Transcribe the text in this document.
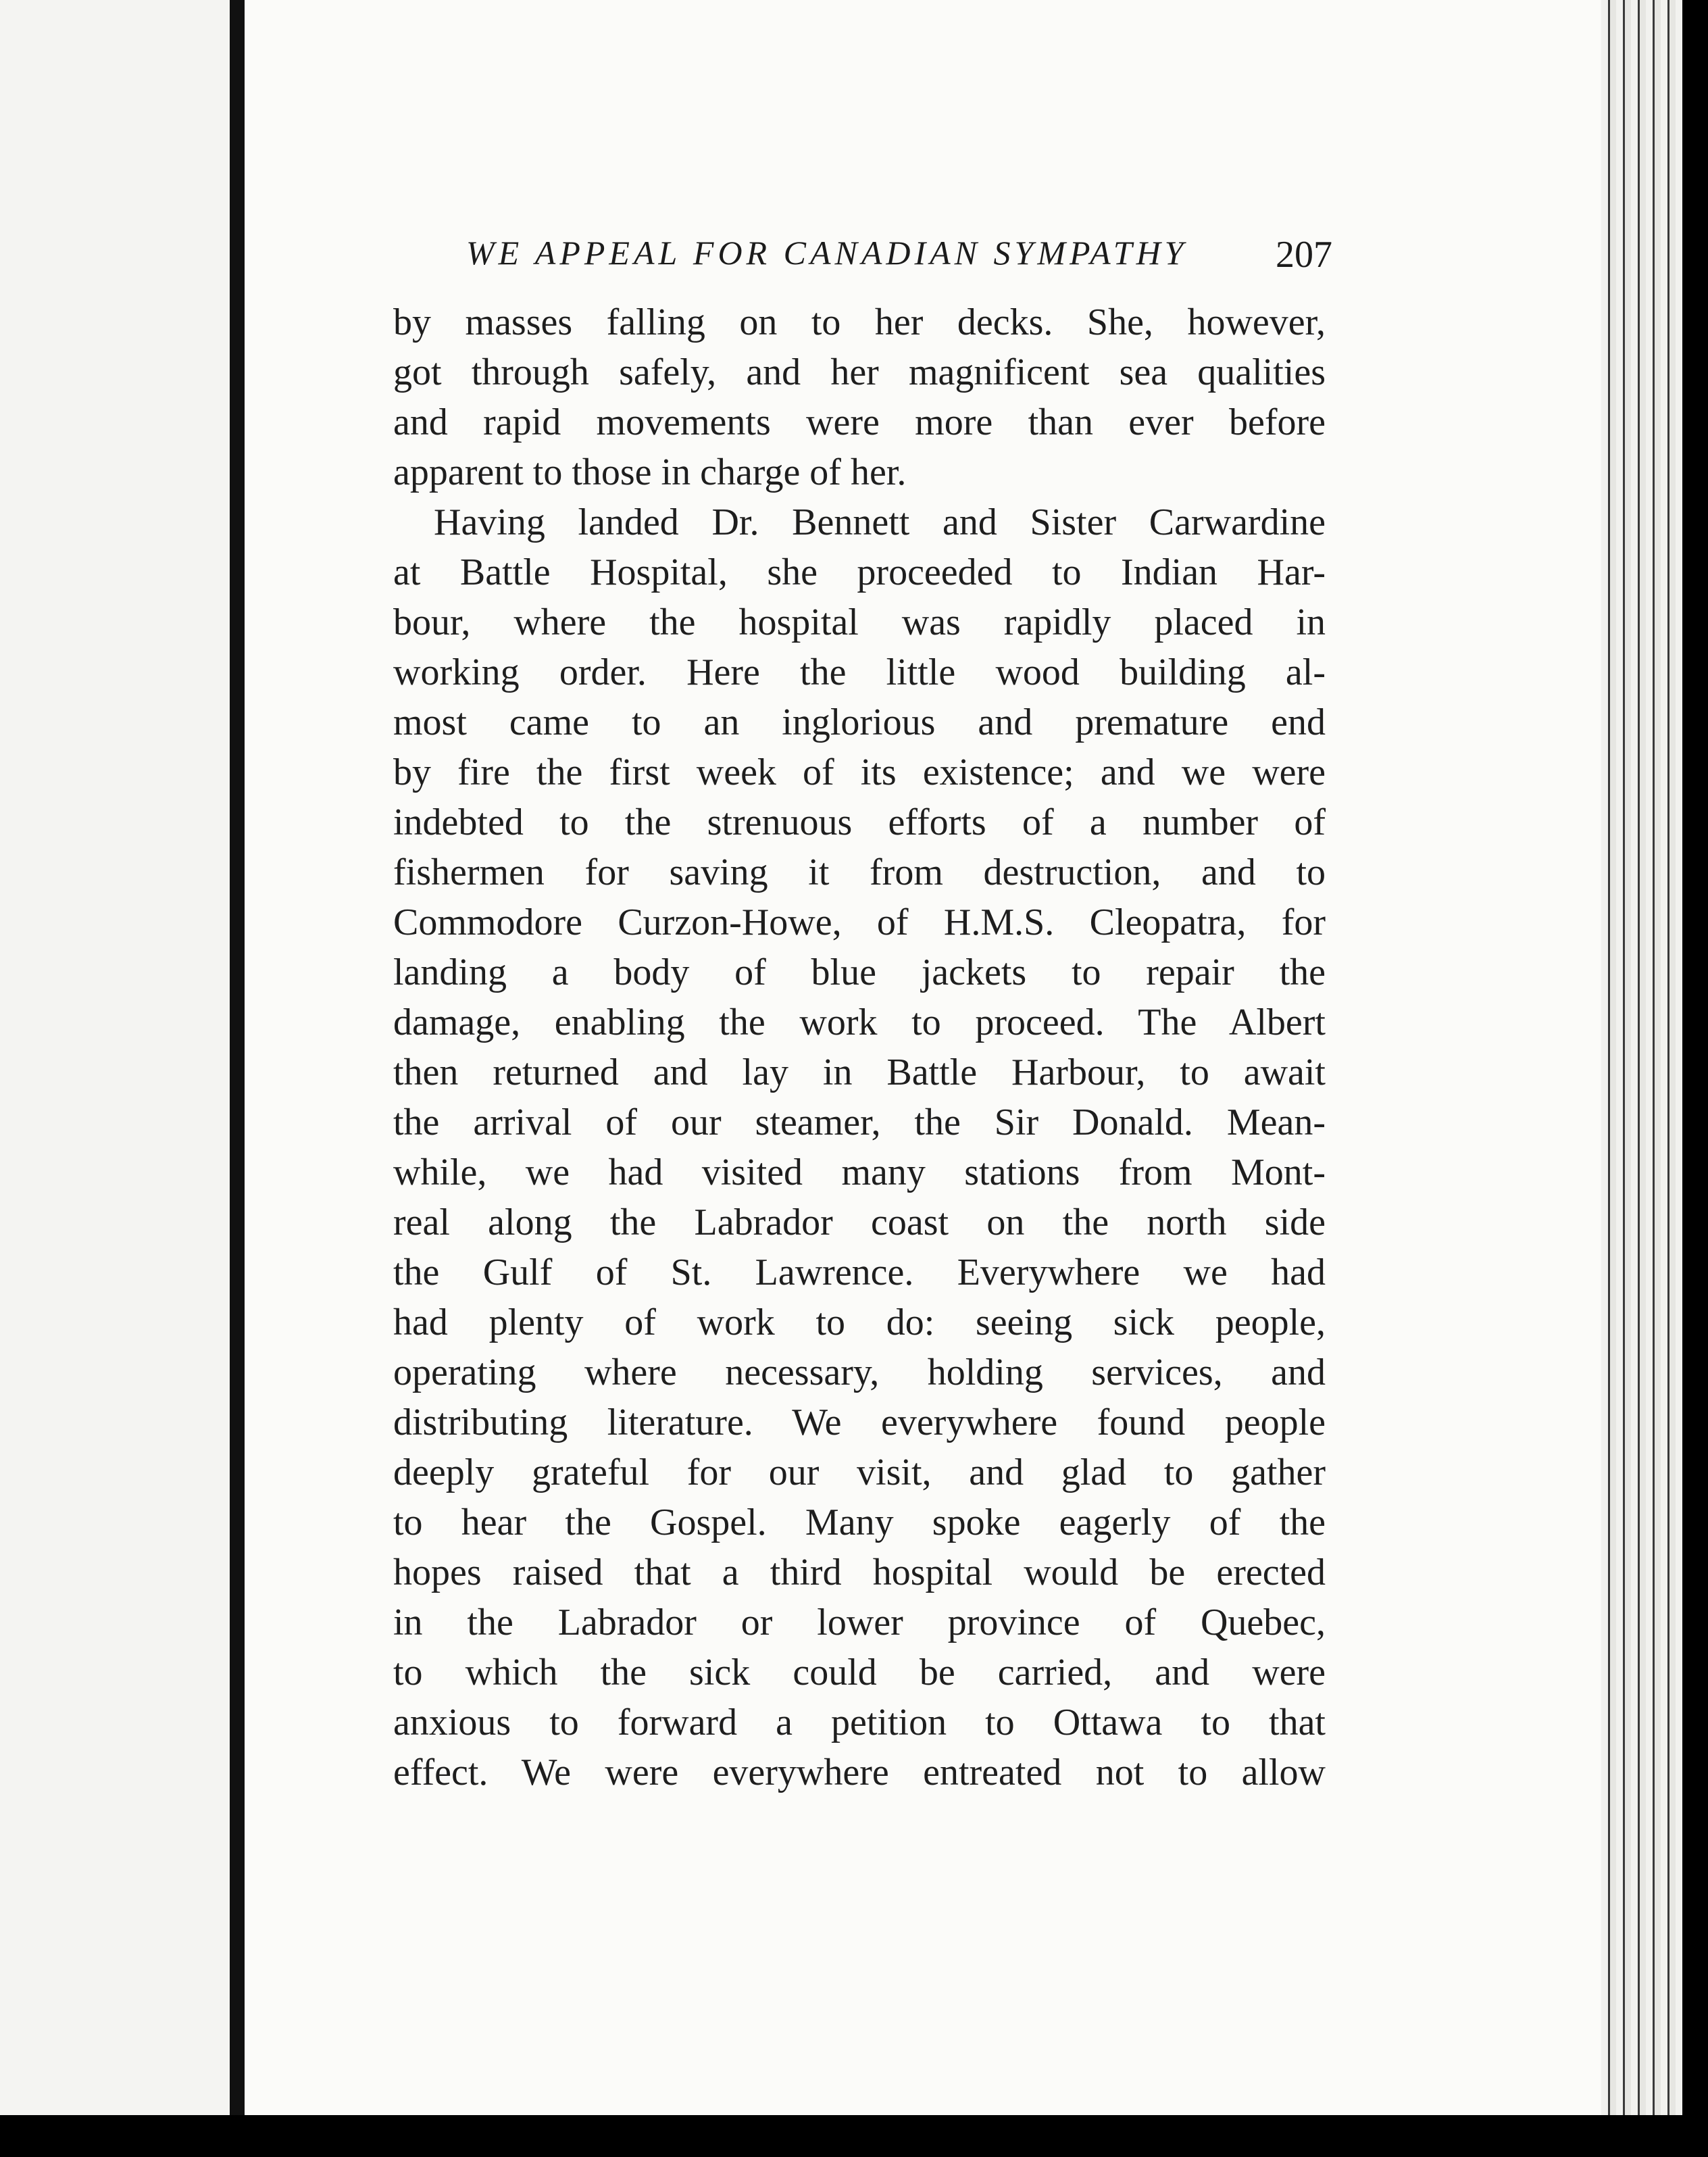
WE APPEAL FOR CANADIAN SYMPATHY	207
by masses falling on to her decks. She, however,
got through safely, and her magnificent sea qualities
and rapid movements were more than ever before
apparent to those in charge of her.
Having landed Dr. Bennett and Sister Carwardine
at Battle Hospital, she proceeded to Indian Har-
bour, where the hospital was rapidly placed in
working order. Here the little wood building al-
most came to an inglorious and premature end
by fire the first week of its existence; and we were
indebted to the strenuous efforts of a number of
fishermen for saving it from destruction, and to
Commodore Curzon-Howe, of H.M.S. Cleopatra, for
landing a body of blue jackets to repair the
damage, enabling the work to proceed. The Albert
then returned and lay in Battle Harbour, to await
the arrival of our steamer, the Sir Donald. Mean-
while, we had visited many stations from Mont-
real along the Labrador coast on the north side
the Gulf of St. Lawrence. Everywhere we had
had plenty of work to do: seeing sick people,
operating where necessary, holding services, and
distributing literature. We everywhere found people
deeply grateful for our visit, and glad to gather
to hear the Gospel. Many spoke eagerly of the
hopes raised that a third hospital would be erected
in the Labrador or lower province of Quebec,
to which the sick could be carried, and were
anxious to forward a petition to Ottawa to that
effect. We were everywhere entreated not to allow
